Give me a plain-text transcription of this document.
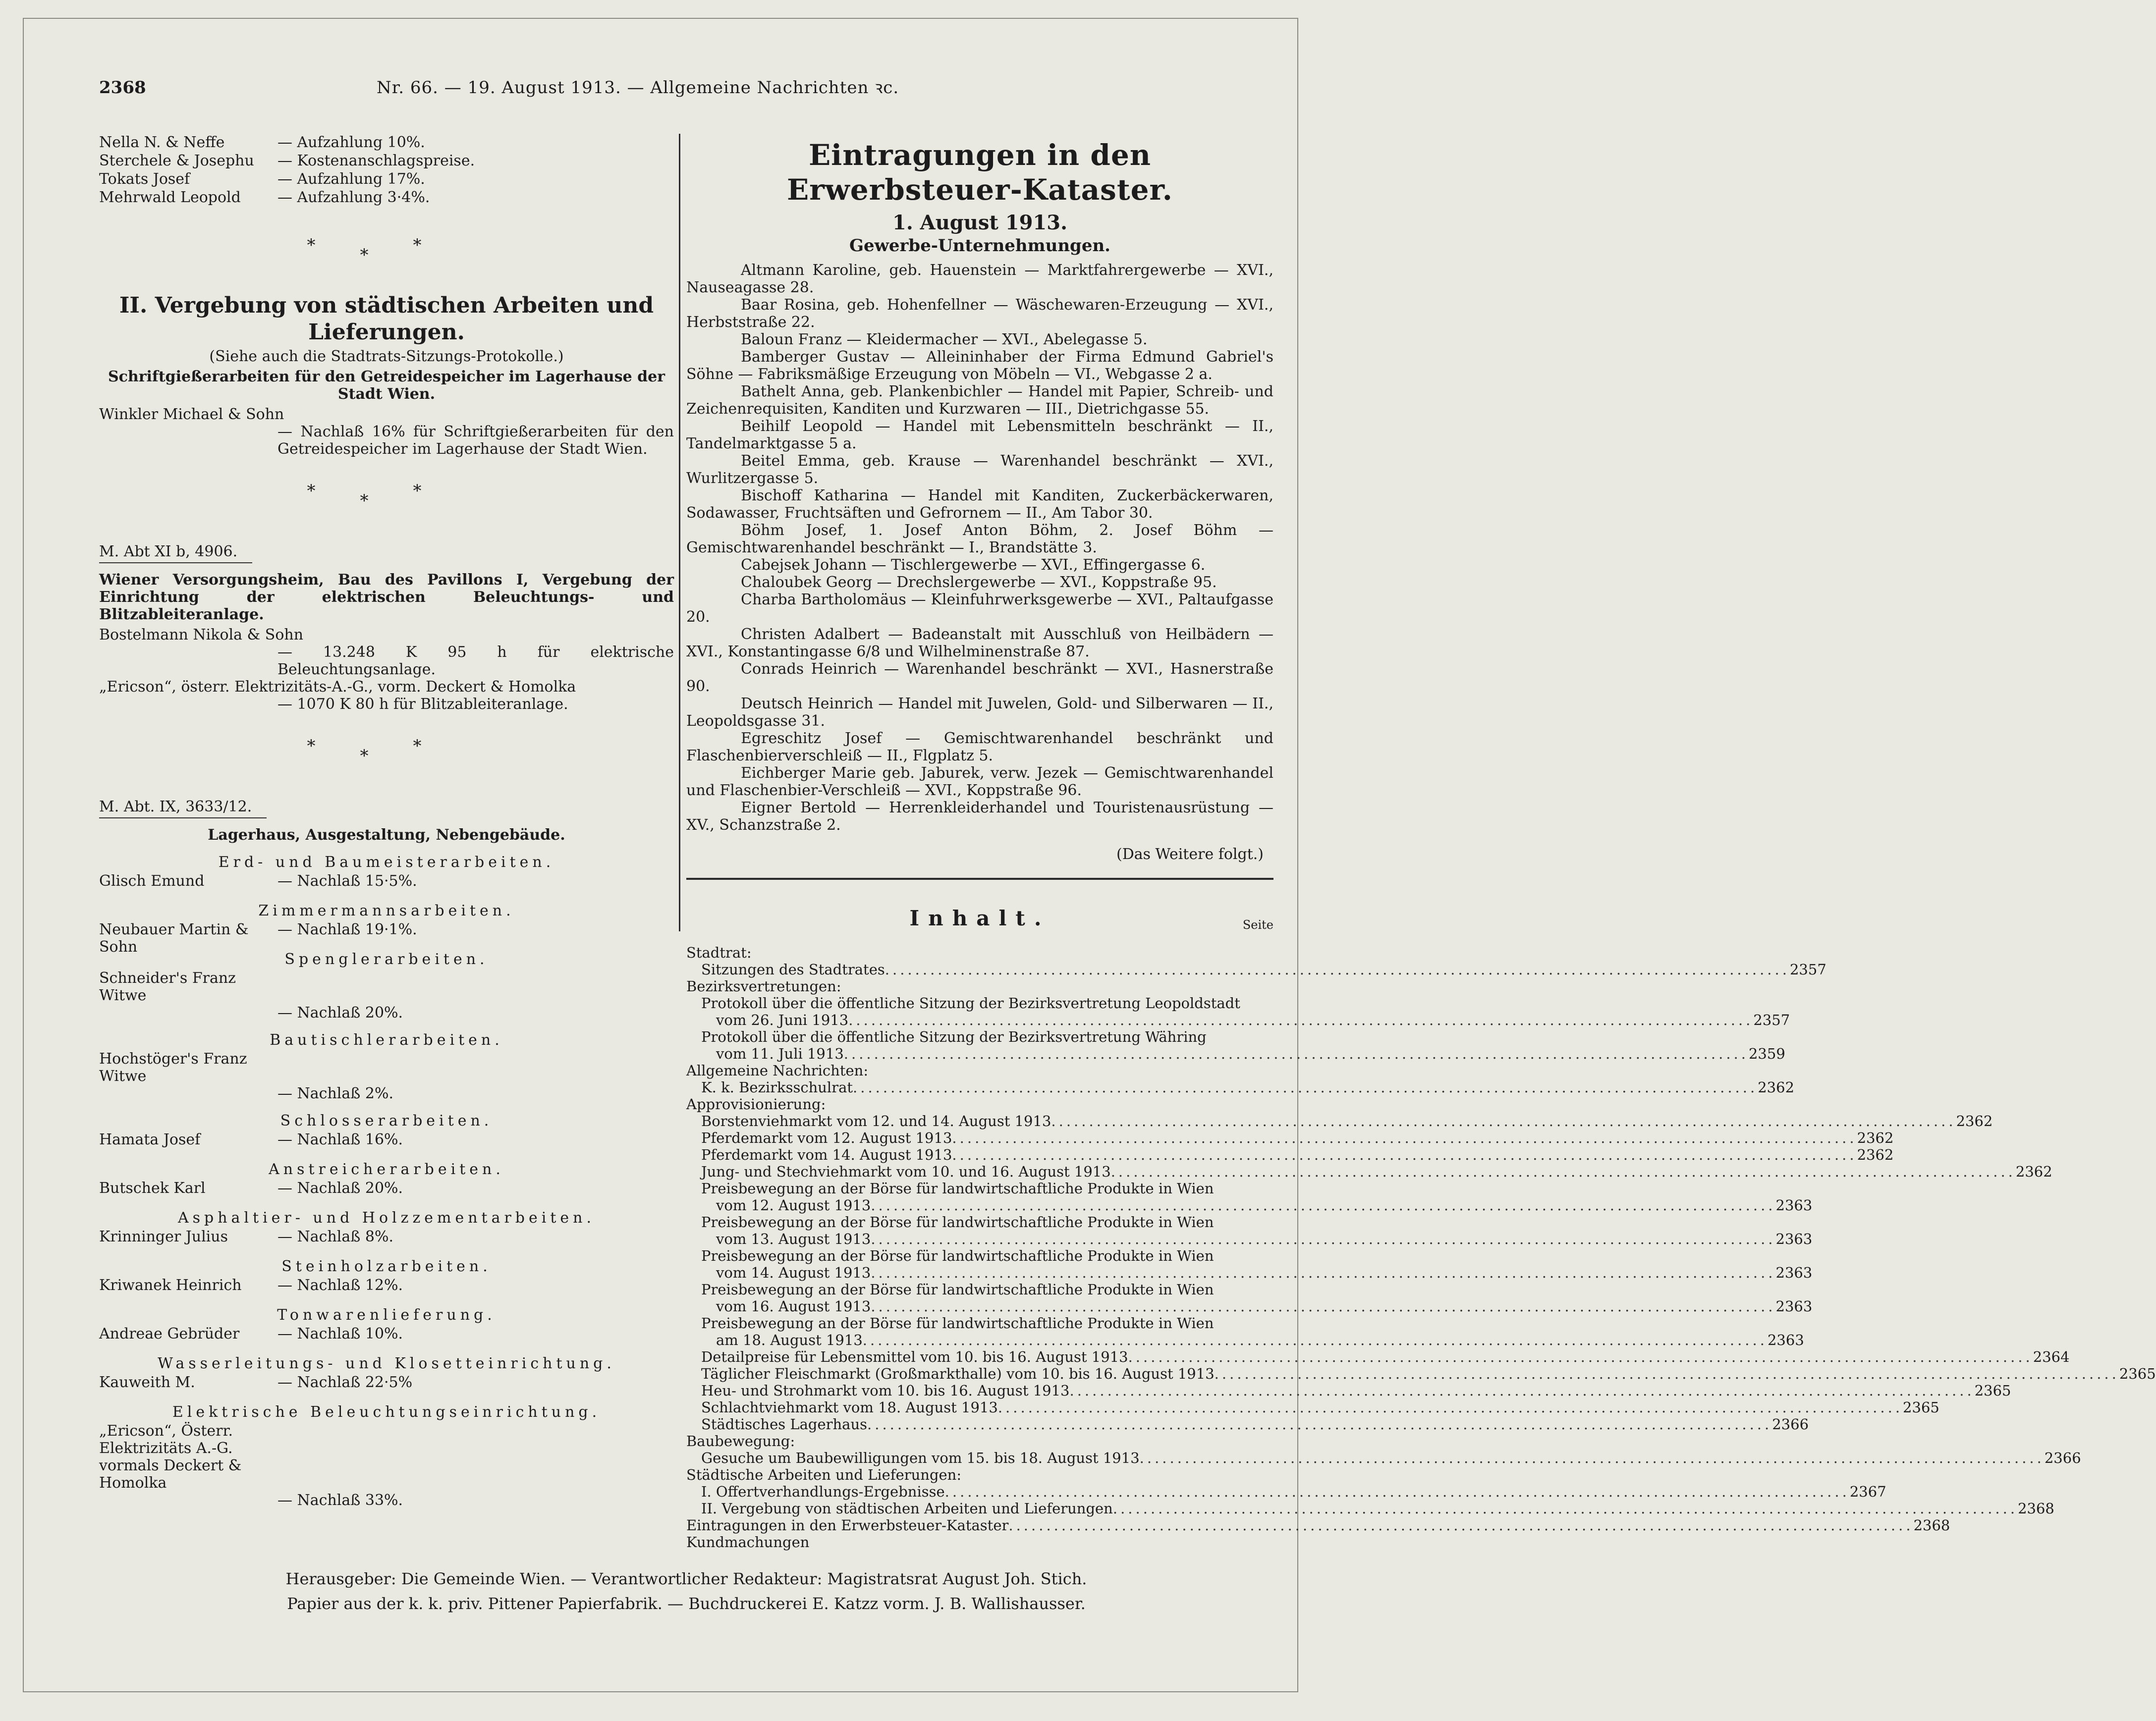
2368	Nr. 66. — 19. August 1913. — Allgemeine Nachrichten ꝛc.
Nella N. & Neffe	— Aufzahlung 10%.
Sterchele & Josephu	— Kostenanschlagspreise.
Tokats Josef	— Aufzahlung 17%.
Mehrwald Leopold	— Aufzahlung 3·4%.
***
II. Vergebung von städtischen Arbeiten und Lieferungen.
(Siehe auch die Stadtrats-Sitzungs-Protokolle.)
Schriftgießerarbeiten für den Getreidespeicher im Lagerhause der Stadt Wien.
Winkler Michael & Sohn
— Nachlaß 16% für Schriftgießerarbeiten für den Getreidespeicher im Lagerhause der Stadt Wien.
***
M. Abt XI b, 4906.
Wiener Versorgungsheim, Bau des Pavillons I, Vergebung der Einrichtung der elektrischen Beleuchtungs- und Blitzableiteranlage.
Bostelmann Nikola & Sohn
— 13.248 K 95 h für elektrische Beleuchtungsanlage.
„Ericson“, österr. Elektrizitäts-A.-G., vorm. Deckert & Homolka
— 1070 K 80 h für Blitzableiteranlage.
***
M. Abt. IX, 3633/12.
Lagerhaus, Ausgestaltung, Nebengebäude.
Erd- und Baumeisterarbeiten.
Glisch Emund	— Nachlaß 15·5%.
Zimmermannsarbeiten.
Neubauer Martin & Sohn
— Nachlaß 19·1%.
Spenglerarbeiten.
Schneider's Franz Witwe
— Nachlaß 20%.
Bautischlerarbeiten.
Hochstöger's Franz Witwe
— Nachlaß 2%.
Schlosserarbeiten.
Hamata Josef	— Nachlaß 16%.
Anstreicherarbeiten.
Butschek Karl	— Nachlaß 20%.
Asphaltier- und Holzzementarbeiten.
Krinninger Julius	— Nachlaß 8%.
Steinholzarbeiten.
Kriwanek Heinrich	— Nachlaß 12%.
Tonwarenlieferung.
Andreae Gebrüder	— Nachlaß 10%.
Wasserleitungs- und Klosetteinrichtung.
Kauweith M.	— Nachlaß 22·5%
Elektrische Beleuchtungseinrichtung.
„Ericson“, Österr. Elektrizitäts A.-G. vormals Deckert & Homolka
— Nachlaß 33%.
Eintragungen in den Erwerbsteuer-Kataster.
1. August 1913.
Gewerbe-Unternehmungen.

Altmann Karoline, geb. Hauenstein — Marktfahrergewerbe — XVI., Nauseagasse 28.

Baar Rosina, geb. Hohenfellner — Wäschewaren-Erzeugung — XVI., Herbststraße 22.

Baloun Franz — Kleidermacher — XVI., Abelegasse 5.

Bamberger Gustav — Alleininhaber der Firma Edmund Gabriel's Söhne — Fabriksmäßige Erzeugung von Möbeln — VI., Webgasse 2 a.

Bathelt Anna, geb. Plankenbichler — Handel mit Papier, Schreib- und Zeichenrequisiten, Kanditen und Kurzwaren — III., Dietrichgasse 55.

Beihilf Leopold — Handel mit Lebensmitteln beschränkt — II., Tandelmarktgasse 5 a.

Beitel Emma, geb. Krause — Warenhandel beschränkt — XVI., Wurlitzergasse 5.

Bischoff Katharina — Handel mit Kanditen, Zuckerbäckerwaren, Sodawasser, Fruchtsäften und Gefrornem — II., Am Tabor 30.

Böhm Josef, 1. Josef Anton Böhm, 2. Josef Böhm — Gemischtwarenhandel beschränkt — I., Brandstätte 3.

Cabejsek Johann — Tischlergewerbe — XVI., Effingergasse 6.

Chaloubek Georg — Drechslergewerbe — XVI., Koppstraße 95.

Charba Bartholomäus — Kleinfuhrwerksgewerbe — XVI., Paltaufgasse 20.

Christen Adalbert — Badeanstalt mit Ausschluß von Heilbädern — XVI., Konstantingasse 6/8 und Wilhelminenstraße 87.

Conrads Heinrich — Warenhandel beschränkt — XVI., Hasnerstraße 90.

Deutsch Heinrich — Handel mit Juwelen, Gold- und Silberwaren — II., Leopoldsgasse 31.

Egreschitz Josef — Gemischtwarenhandel beschränkt und Flaschenbierverschleiß — II., Flgplatz 5.

Eichberger Marie geb. Jaburek, verw. Jezek — Gemischtwarenhandel und Flaschenbier-Verschleiß — XVI., Koppstraße 96.

Eigner Bertold — Herrenkleiderhandel und Touristenausrüstung — XV., Schanzstraße 2.

(Das Weitere folgt.)
Inhalt.	Seite
Stadtrat:
Sitzungen des Stadtrates ........................................................................................................................ 2357
Bezirksvertretungen:
Protokoll über die öffentliche Sitzung der Bezirksvertretung Leopoldstadt
vom 26. Juni 1913 ........................................................................................................................ 2357
Protokoll über die öffentliche Sitzung der Bezirksvertretung Währing
vom 11. Juli 1913 ........................................................................................................................ 2359
Allgemeine Nachrichten:
K. k. Bezirksschulrat ........................................................................................................................ 2362
Approvisionierung:
Borstenviehmarkt vom 12. und 14. August 1913 ........................................................................................................................ 2362
Pferdemarkt vom 12. August 1913 ........................................................................................................................ 2362
Pferdemarkt vom 14. August 1913 ........................................................................................................................ 2362
Jung- und Stechviehmarkt vom 10. und 16. August 1913 ........................................................................................................................ 2362
Preisbewegung an der Börse für landwirtschaftliche Produkte in Wien
vom 12. August 1913 ........................................................................................................................ 2363
Preisbewegung an der Börse für landwirtschaftliche Produkte in Wien
vom 13. August 1913 ........................................................................................................................ 2363
Preisbewegung an der Börse für landwirtschaftliche Produkte in Wien
vom 14. August 1913 ........................................................................................................................ 2363
Preisbewegung an der Börse für landwirtschaftliche Produkte in Wien
vom 16. August 1913 ........................................................................................................................ 2363
Preisbewegung an der Börse für landwirtschaftliche Produkte in Wien
am 18. August 1913 ........................................................................................................................ 2363
Detailpreise für Lebensmittel vom 10. bis 16. August 1913 ........................................................................................................................ 2364
Täglicher Fleischmarkt (Großmarkthalle) vom 10. bis 16. August 1913 ........................................................................................................................ 2365
Heu- und Strohmarkt vom 10. bis 16. August 1913 ........................................................................................................................ 2365
Schlachtviehmarkt vom 18. August 1913 ........................................................................................................................ 2365
Städtisches Lagerhaus ........................................................................................................................ 2366
Baubewegung:
Gesuche um Baubewilligungen vom 15. bis 18. August 1913 ........................................................................................................................ 2366
Städtische Arbeiten und Lieferungen:
I. Offertverhandlungs-Ergebnisse ........................................................................................................................ 2367
II. Vergebung von städtischen Arbeiten und Lieferungen ........................................................................................................................ 2368
Eintragungen in den Erwerbsteuer-Kataster ........................................................................................................................ 2368
Kundmachungen
Herausgeber: Die Gemeinde Wien. — Verantwortlicher Redakteur: Magistratsrat August Joh. Stich.
Papier aus der k. k. priv. Pittener Papierfabrik. — Buchdruckerei E. Katzz vorm. J. B. Wallishausser.
